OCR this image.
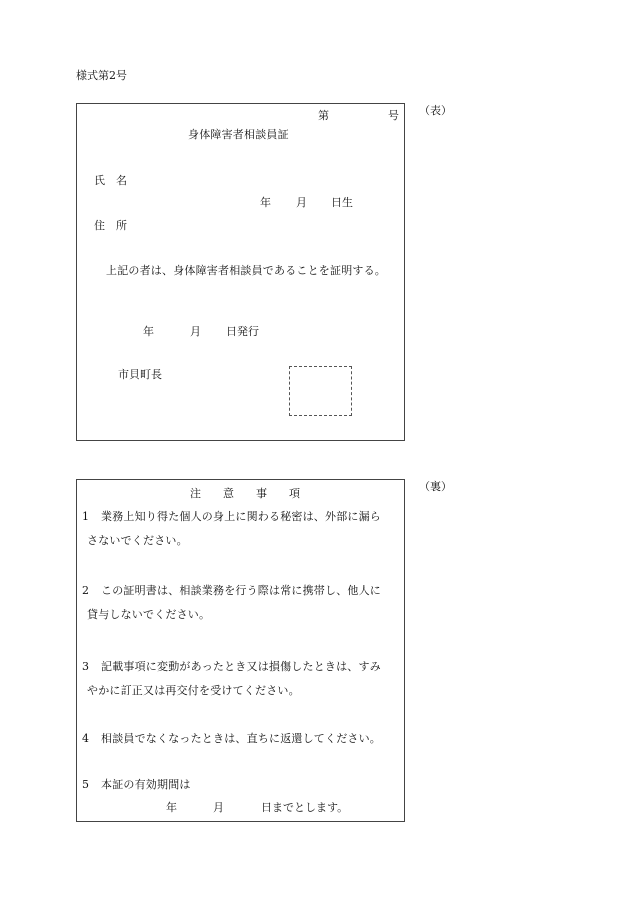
様式第2号
（表）
第	号
身体障害者相談員証
氏　名
年 月 日生
住　所
上記の者は、身体障害者相談員であることを証明する。
年	月 日発行
市貝町長
（裏）
注　　意　　事　　項
1 業務上知り得た個人の身上に関わる秘密は、外部に漏ら
さないでください。
2 この証明書は、相談業務を行う際は常に携帯し、他人に
貸与しないでください。
3 記載事項に変動があったとき又は損傷したときは、すみ
やかに訂正又は再交付を受けてください。
4 相談員でなくなったときは、直ちに返還してください。
5 本証の有効期間は
年	月	日までとします。
